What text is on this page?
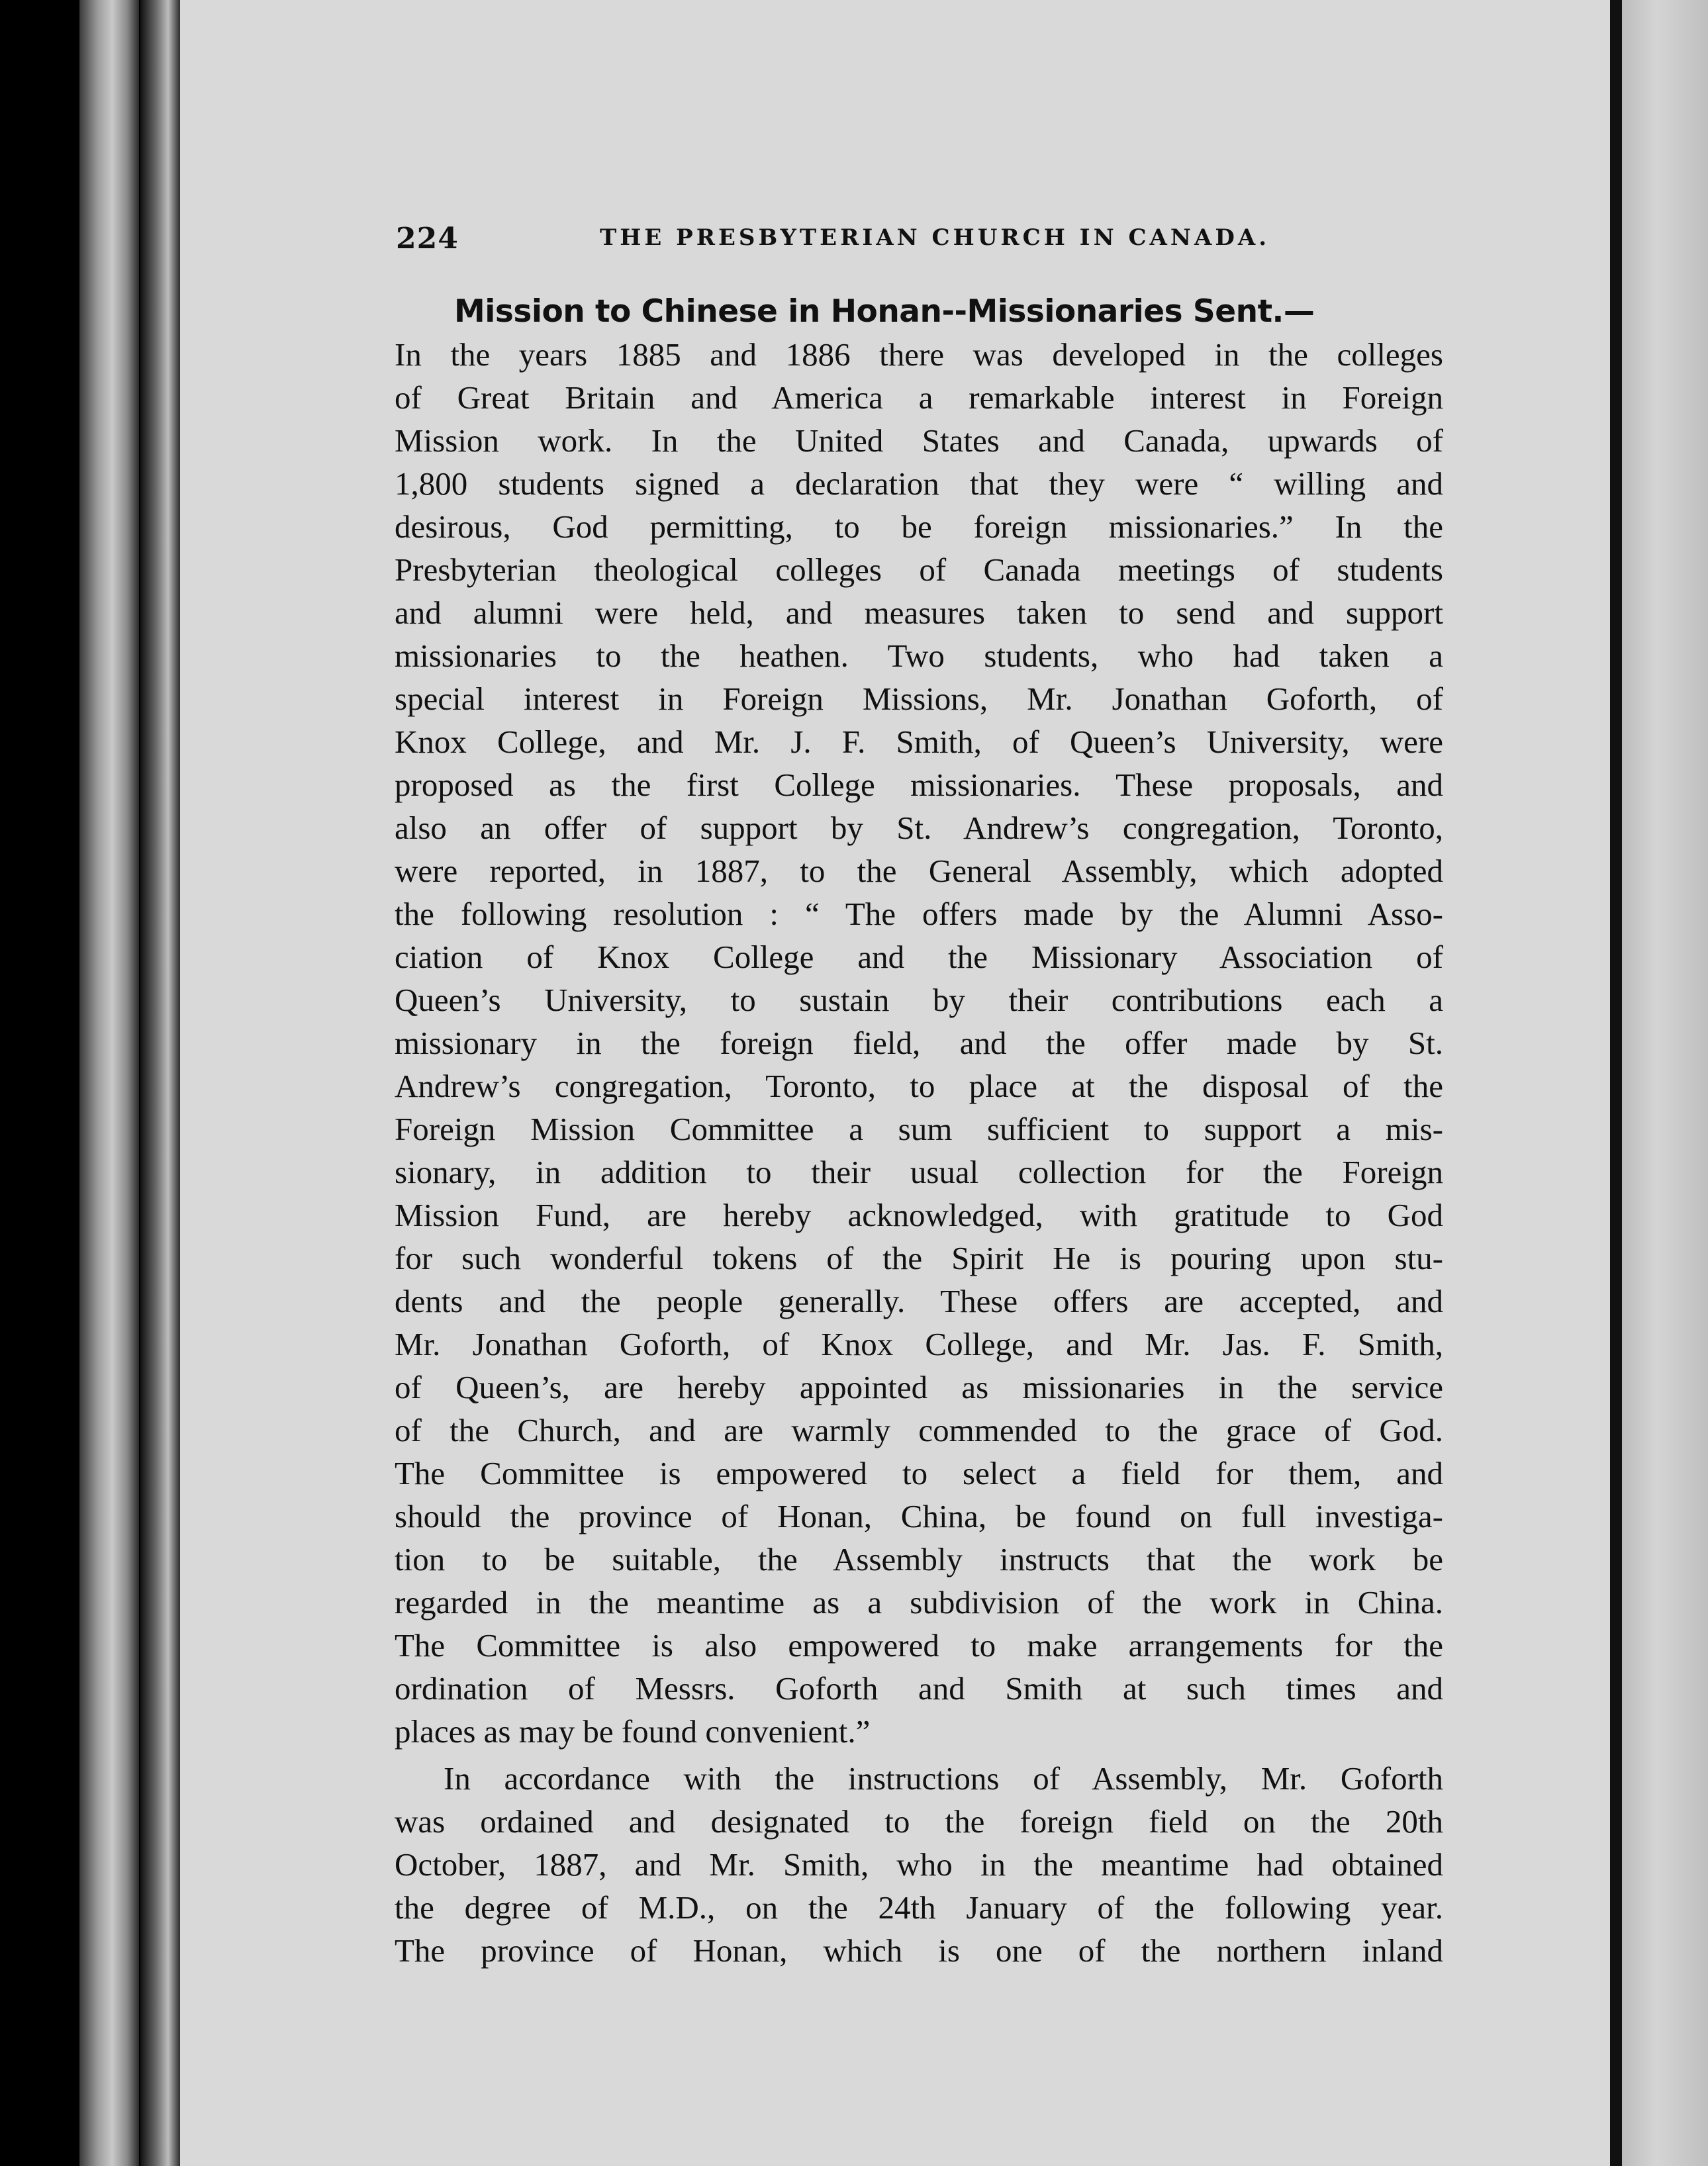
224	THE PRESBYTERIAN CHURCH IN CANADA.
Mission to Chinese in Honan--Missionaries Sent.—
In the years 1885 and 1886 there was developed in the colleges
of Great Britain and America a remarkable interest in Foreign
Mission work. In the United States and Canada, upwards of
1,800 students signed a declaration that they were “ willing and
desirous, God permitting, to be foreign missionaries.” In the
Presbyterian theological colleges of Canada meetings of students
and alumni were held, and measures taken to send and support
missionaries to the heathen. Two students, who had taken a
special interest in Foreign Missions, Mr. Jonathan Goforth, of
Knox College, and Mr. J. F. Smith, of Queen’s University, were
proposed as the first College missionaries. These proposals, and
also an offer of support by St. Andrew’s congregation, Toronto,
were reported, in 1887, to the General Assembly, which adopted
the following resolution : “ The offers made by the Alumni Asso-
ciation of Knox College and the Missionary Association of
Queen’s University, to sustain by their contributions each a
missionary in the foreign field, and the offer made by St.
Andrew’s congregation, Toronto, to place at the disposal of the
Foreign Mission Committee a sum sufficient to support a mis-
sionary, in addition to their usual collection for the Foreign
Mission Fund, are hereby acknowledged, with gratitude to God
for such wonderful tokens of the Spirit He is pouring upon stu-
dents and the people generally. These offers are accepted, and
Mr. Jonathan Goforth, of Knox College, and Mr. Jas. F. Smith,
of Queen’s, are hereby appointed as missionaries in the service
of the Church, and are warmly commended to the grace of God.
The Committee is empowered to select a field for them, and
should the province of Honan, China, be found on full investiga-
tion to be suitable, the Assembly instructs that the work be
regarded in the meantime as a subdivision of the work in China.
The Committee is also empowered to make arrangements for the
ordination of Messrs. Goforth and Smith at such times and
places as may be found convenient.”
In accordance with the instructions of Assembly, Mr. Goforth
was ordained and designated to the foreign field on the 20th
October, 1887, and Mr. Smith, who in the meantime had obtained
the degree of M.D., on the 24th January of the following year.
The province of Honan, which is one of the northern inland
